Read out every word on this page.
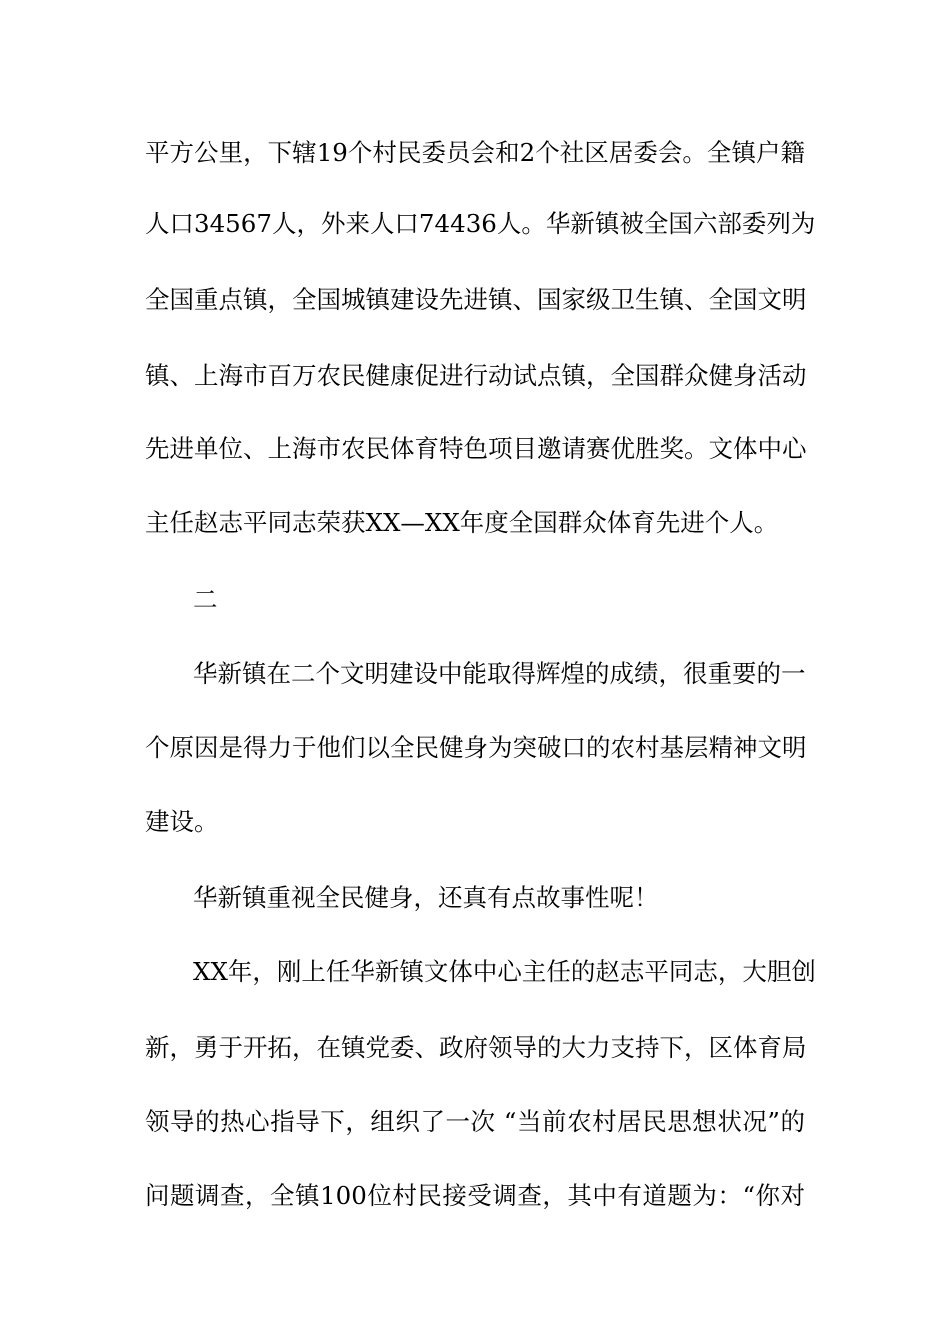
平方公里，下辖19个村民委员会和2个社区居委会。全镇户籍
人口34567人，外来人口74436人。华新镇被全国六部委列为
全国重点镇，全国城镇建设先进镇、国家级卫生镇、全国文明
镇、上海市百万农民健康促进行动试点镇，全国群众健身活动
先进单位、上海市农民体育特色项目邀请赛优胜奖。文体中心
主任赵志平同志荣获XX—XX年度全国群众体育先进个人。
二
华新镇在二个文明建设中能取得辉煌的成绩，很重要的一
个原因是得力于他们以全民健身为突破口的农村基层精神文明
建设。
华新镇重视全民健身，还真有点故事性呢！
XX年，刚上任华新镇文体中心主任的赵志平同志，大胆创
新，勇于开拓，在镇党委、政府领导的大力支持下，区体育局
领导的热心指导下，组织了一次 “当前农村居民思想状况”的
问题调查，全镇100位村民接受调查，其中有道题为：“你对
